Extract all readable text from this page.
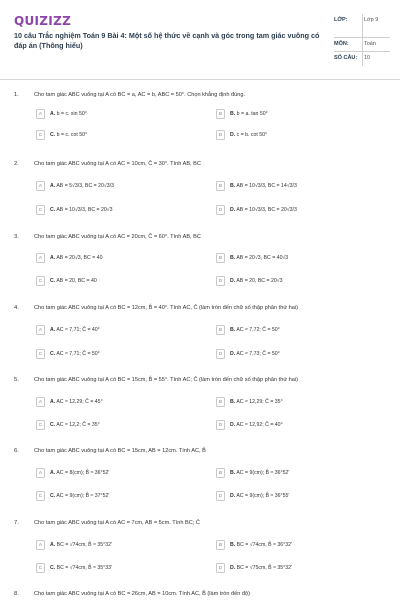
QUIZIZZ
10 câu Trắc nghiệm Toán 9 Bài 4: Một số hệ thức về cạnh và góc trong tam giác vuông có đáp án (Thông hiểu)
LỚP:	Lớp 9
MÔN:	Toán
SỐ CÂU: 10
1.	Cho tam giác ABC vuông tại A có BC = a, AC = b, ABC = 50°. Chọn khẳng định đúng.
A	A. b = c. sin 50°	B	B. b = a. tan 50°
C	C. b = c. cot 50°	D	D. c = b. cot 50°
2.	Cho tam giác ABC vuông tại A có AC = 10cm, Ĉ = 30°. Tính AB, BC
A	A. AB = 5√3/3, BC = 20√3/3	B	B. AB = 10√3/3, BC = 14√3/3
C	C. AB = 10√3/3, BC = 20√3	D	D. AB = 10√3/3, BC = 20√3/3
3.	Cho tam giác ABC vuông tại A có AC = 20cm, Ĉ = 60°. Tính AB, BC
A	A. AB = 20√3, BC = 40	B	B. AB = 20√3, BC = 40√3
C	C. AB = 20, BC = 40	D	D. AB = 20, BC = 20√3
4.	Cho tam giác ABC vuông tại A có BC = 12cm, B̂ = 40°. Tính AC, Ĉ (làm tròn đến chữ số thập phân thứ hai)
A	A. AC ≈ 7,71; Ĉ = 40°	B	B. AC ≈ 7,72; Ĉ = 50°
C	C. AC ≈ 7,71; Ĉ = 50°	D	D. AC ≈ 7,73; Ĉ = 50°
5.	Cho tam giác ABC vuông tại A có BC = 15cm, B̂ = 55°. Tính AC; Ĉ (làm tròn đến chữ số thập phân thứ hai)
A	A. AC ≈ 12,29; Ĉ = 45°	B	B. AC ≈ 12,29; Ĉ = 35°
C	C. AC ≈ 12,2; Ĉ = 35°	D	D. AC ≈ 12,92; Ĉ = 40°
6.	Cho tam giác ABC vuông tại A có BC = 15cm, AB = 12cm. Tính AC, B̂
A	A. AC = 8(cm); B̂ ≈ 36°52'	B	B. AC = 9(cm); B̂ ≈ 36°52'
C	C. AC = 9(cm); B̂ ≈ 37°52'	D	D. AC = 9(cm); B̂ ≈ 36°55'
7.	Cho tam giác ABC vuông tại A có AC = 7cm, AB = 5cm. Tính BC; Ĉ
A	A. BC = √74cm, B̂ ≈ 35°32'	B	B. BC = √74cm, B̂ ≈ 36°32'
C	C. BC = √74cm, B̂ ≈ 35°33'	D	D. BC = √75cm, B̂ ≈ 35°32'
8.	Cho tam giác ABC vuông tại A có BC = 26cm, AB = 10cm. Tính AC, B̂ (làm tròn đến độ)
